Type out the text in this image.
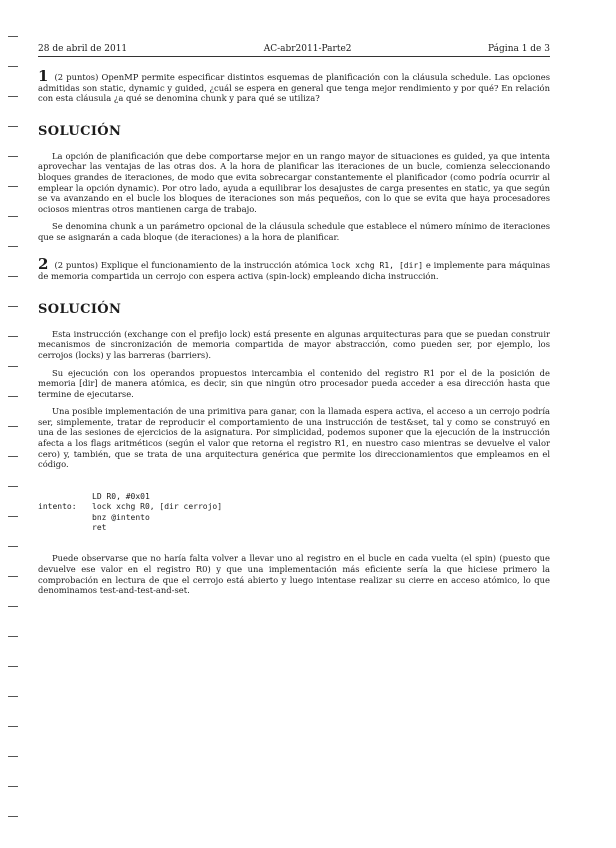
28 de abril de 2011	AC-abr2011-Parte2	Página 1 de 3
1 (2 puntos) OpenMP permite especificar distintos esquemas de planificación con la cláusula schedule. Las opciones admitidas son static, dynamic y guided, ¿cuál se espera en general que tenga mejor rendimiento y por qué? En relación con esta cláusula ¿a qué se denomina chunk y para qué se utiliza?
SOLUCIÓN

La opción de planificación que debe comportarse mejor en un rango mayor de situaciones es guided, ya que intenta aprovechar las ventajas de las otras dos. A la hora de planificar las iteraciones de un bucle, comienza seleccionando bloques grandes de iteraciones, de modo que evita sobrecargar constantemente el planificador (como podría ocurrir al emplear la opción dynamic). Por otro lado, ayuda a equilibrar los desajustes de carga presentes en static, ya que según se va avanzando en el bucle los bloques de iteraciones son más pequeños, con lo que se evita que haya procesadores ociosos mientras otros mantienen carga de trabajo.

Se denomina chunk a un parámetro opcional de la cláusula schedule que establece el número mínimo de iteraciones que se asignarán a cada bloque (de iteraciones) a la hora de planificar.

2 (2 puntos) Explique el funcionamiento de la instrucción atómica lock xchg R1, [dir] e implemente para máquinas de memoria compartida un cerrojo con espera activa (spin-lock) empleando dicha instrucción.
SOLUCIÓN

Esta instrucción (exchange con el prefijo lock) está presente en algunas arquitecturas para que se puedan construir mecanismos de sincronización de memoria compartida de mayor abstracción, como pueden ser, por ejemplo, los cerrojos (locks) y las barreras (barriers).

Su ejecución con los operandos propuestos intercambia el contenido del registro R1 por el de la posición de memoria [dir] de manera atómica, es decir, sin que ningún otro procesador pueda acceder a esa dirección hasta que termine de ejecutarse.

Una posible implementación de una primitiva para ganar, con la llamada espera activa, el acceso a un cerrojo podría ser, simplemente, tratar de reproducir el comportamiento de una instrucción de test&set, tal y como se construyó en una de las sesiones de ejercicios de la asignatura. Por simplicidad, podemos suponer que la ejecución de la instrucción afecta a los flags aritméticos (según el valor que retorna el registro R1, en nuestro caso mientras se devuelve el valor cero) y, también, que se trata de una arquitectura genérica que permite los direccionamientos que empleamos en el código.

LD R0, #0x01
intento:	lock xchg R0, [dir cerrojo]
bnz @intento
ret

Puede observarse que no haría falta volver a llevar uno al registro en el bucle en cada vuelta (el spin) (puesto que devuelve ese valor en el registro R0) y que una implementación más eficiente sería la que hiciese primero la comprobación en lectura de que el cerrojo está abierto y luego intentase realizar su cierre en acceso atómico, lo que denominamos test-and-test-and-set.
